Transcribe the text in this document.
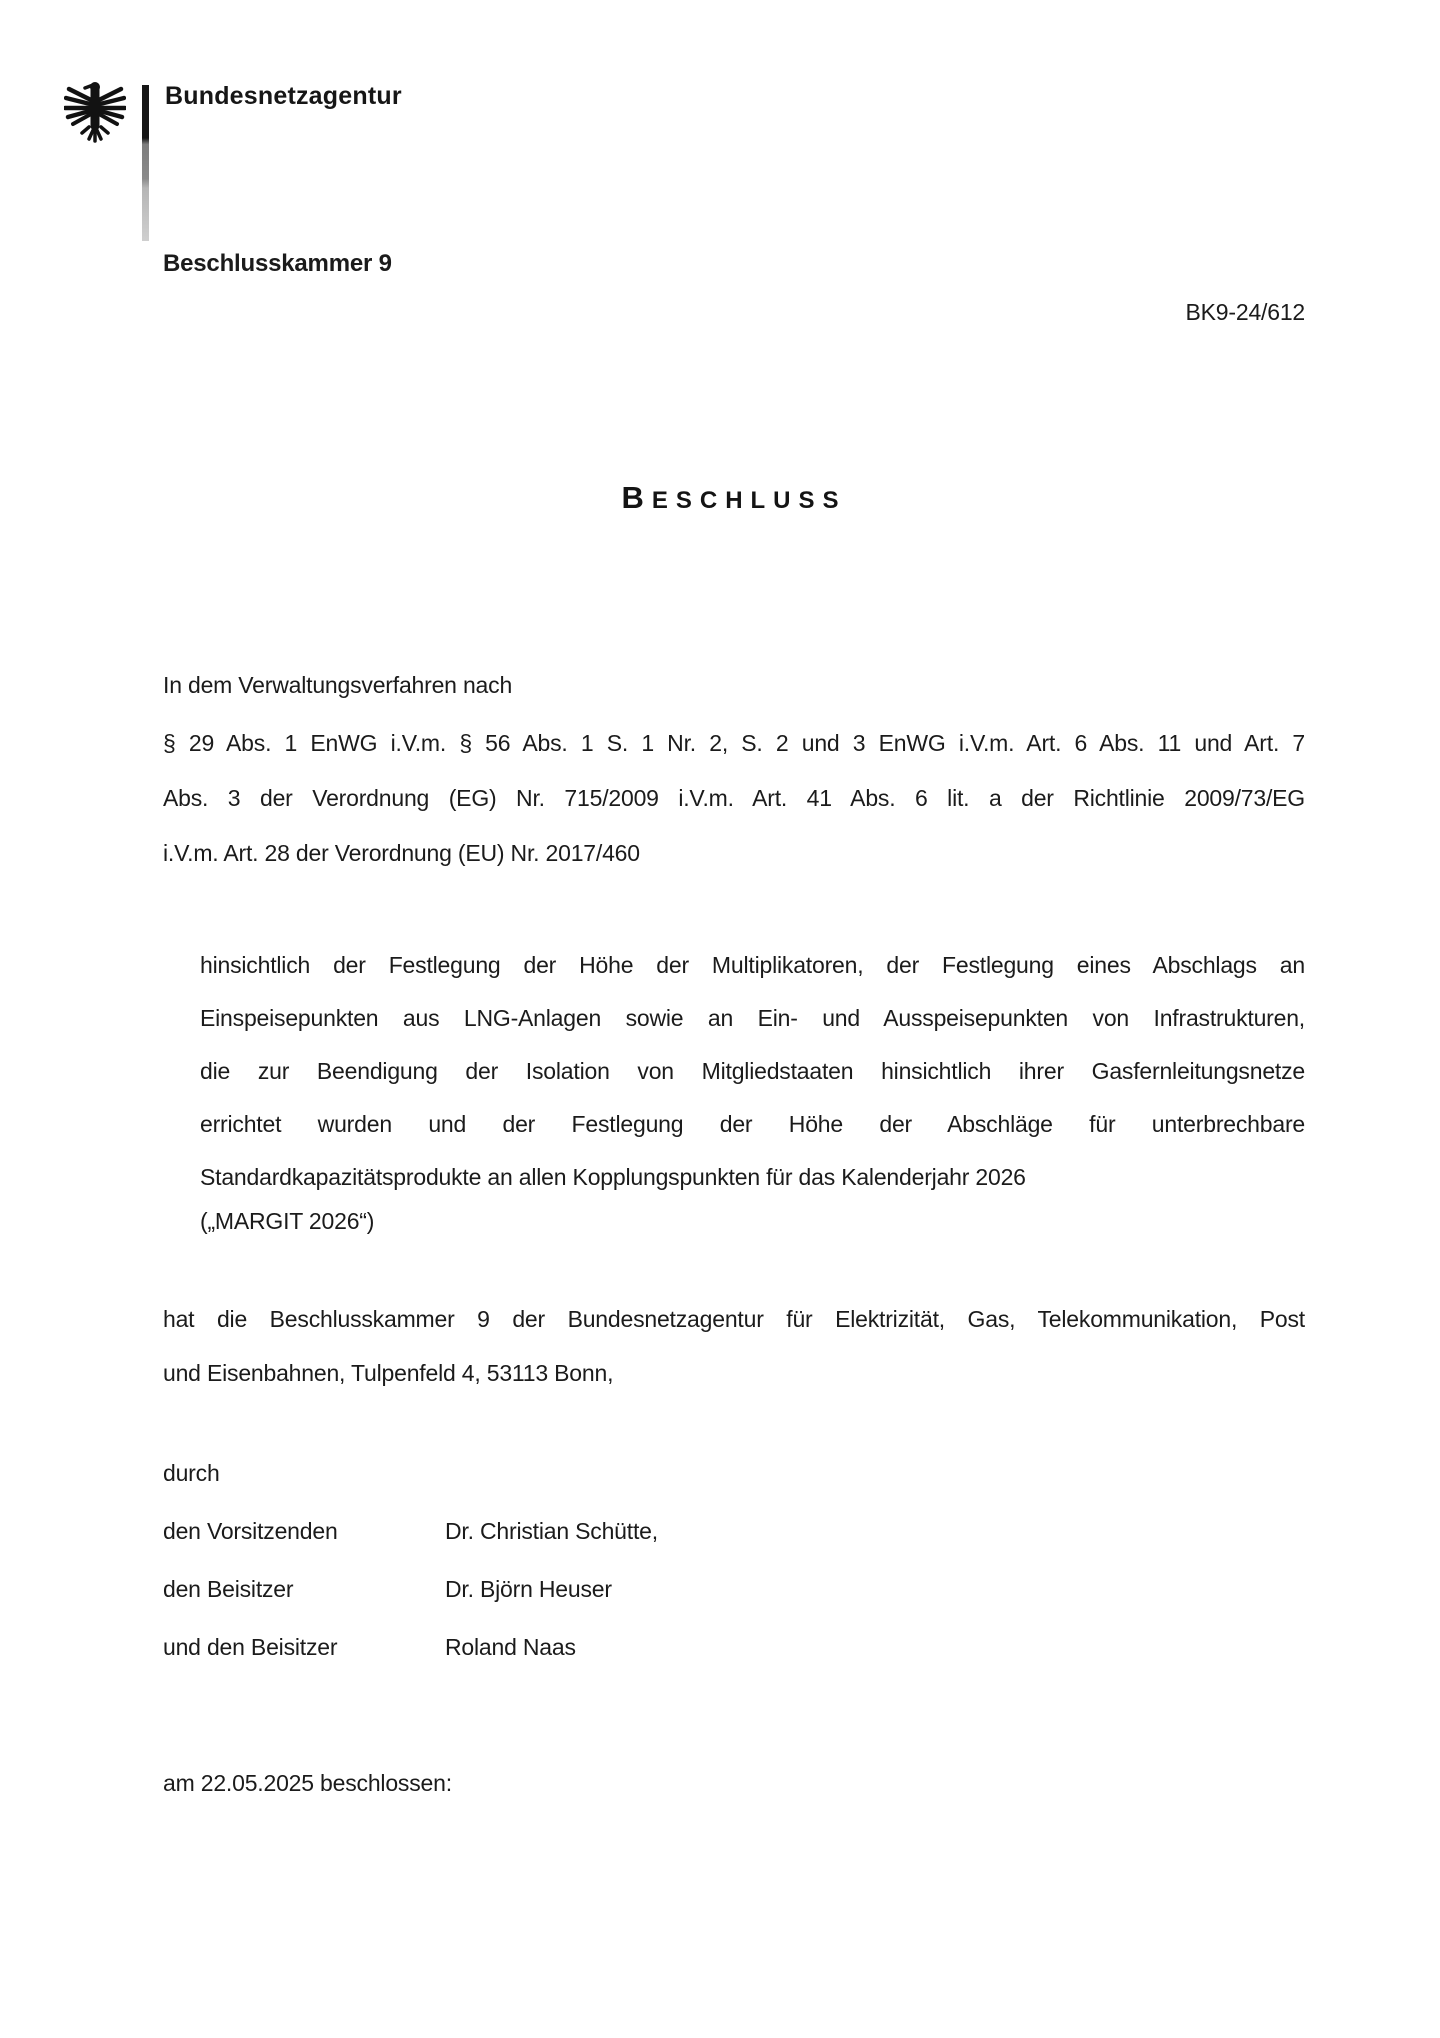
Bundesnetzagentur
Beschlusskammer 9
BK9-24/612
BESCHLUSS
In dem Verwaltungsverfahren nach
§ 29 Abs. 1 EnWG i.V.m. § 56 Abs. 1 S. 1 Nr. 2, S. 2 und 3 EnWG i.V.m. Art. 6 Abs. 11 und Art. 7
Abs. 3 der Verordnung (EG) Nr. 715/2009 i.V.m. Art. 41 Abs. 6 lit. a der Richtlinie 2009/73/EG
i.V.m. Art. 28 der Verordnung (EU) Nr. 2017/460
hinsichtlich der Festlegung der Höhe der Multiplikatoren, der Festlegung eines Abschlags an
Einspeisepunkten aus LNG-Anlagen sowie an Ein- und Ausspeisepunkten von Infrastrukturen,
die zur Beendigung der Isolation von Mitgliedstaaten hinsichtlich ihrer Gasfernleitungsnetze
errichtet wurden und der Festlegung der Höhe der Abschläge für unterbrechbare
Standardkapazitätsprodukte an allen Kopplungspunkten für das Kalenderjahr 2026
(„MARGIT 2026“)
hat die Beschlusskammer 9 der Bundesnetzagentur für Elektrizität, Gas, Telekommunikation, Post
und Eisenbahnen, Tulpenfeld 4, 53113 Bonn,
durch
den Vorsitzenden	Dr. Christian Schütte,
den Beisitzer	Dr. Björn Heuser
und den Beisitzer	Roland Naas
am 22.05.2025 beschlossen:
